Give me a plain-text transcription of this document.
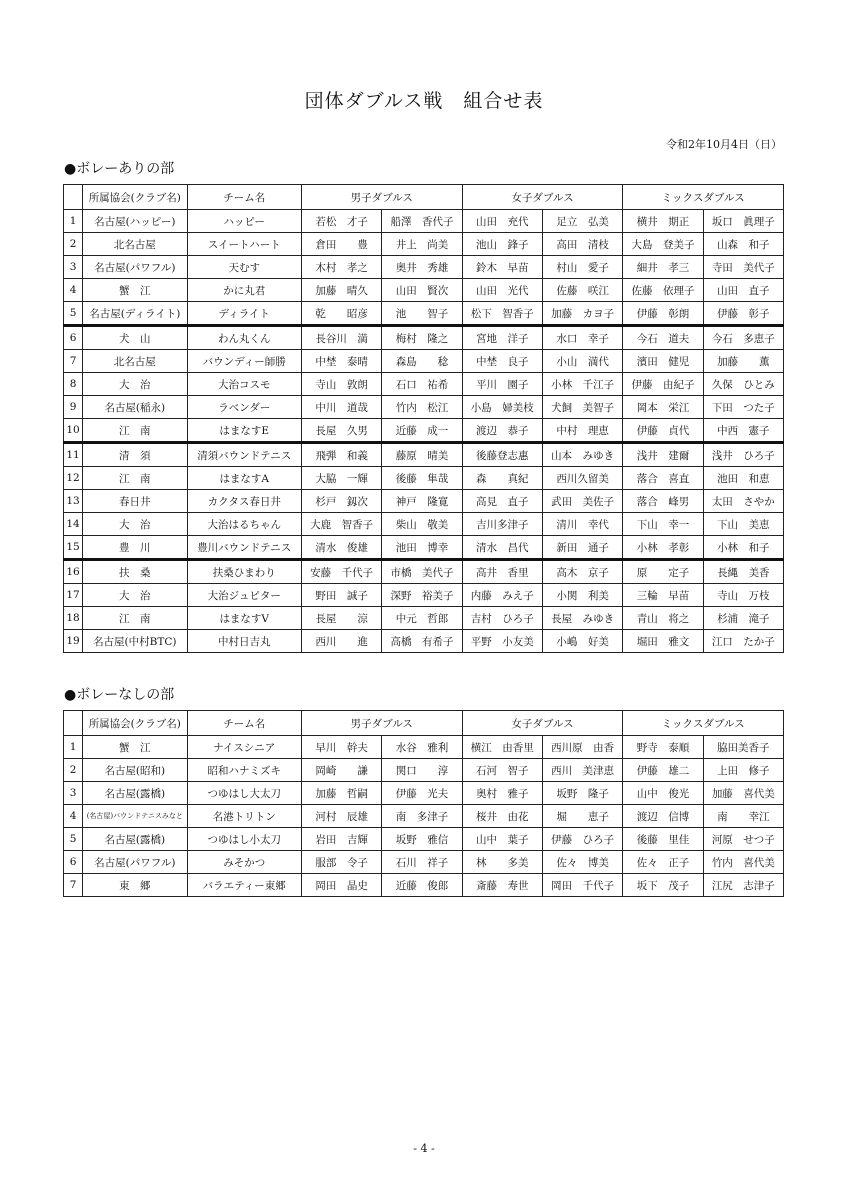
団体ダブルス戦　組合せ表
令和2年10月4日（日）
●ボレーありの部
	所属協会(クラブ名)	チーム名	男子ダブルス		女子ダブルス		ミックスダブルス	
1	名古屋(ハッピー)	ハッピー	若松　才子	船澤　香代子	山田　充代	足立　弘美	横井　期正	坂口　眞理子
2	北名古屋	スイートハート	倉田　　豊	井上　尚美	池山　鋒子	高田　清枝	大島　登美子	山森　和子
3	名古屋(パワフル)	天むす	木村　孝之	奥井　秀雄	鈴木　早苗	村山　愛子	細井　孝三	寺田　美代子
4	蟹　江	かに丸君	加藤　晴久	山田　賢次	山田　光代	佐藤　咲江	佐藤　依理子	山田　直子
5	名古屋(ディライト)	ディライト	乾　　昭彦	池　　智子	松下　智香子	加藤　カヨ子	伊藤　彰朗	伊藤　彰子
6	犬　山	わん丸くん	長谷川　満	梅村　隆之	宮地　洋子	水口　幸子	今石　道夫	今石　多恵子
7	北名古屋	バウンディー師勝	中埜　泰晴	森島　　稔	中埜　良子	小山　満代	濱田　健児	加藤　　薫
8	大　治	大治コスモ	寺山　敦朗	石口　祐希	平川　園子	小林　千江子	伊藤　由紀子	久保　ひとみ
9	名古屋(稲永)	ラベンダー	中川　道哉	竹内　松江	小島　婦美枝	犬飼　美智子	岡本　栄江	下田　つた子
10	江　南	はまなすE	長屋　久男	近藤　成一	渡辺　恭子	中村　理恵	伊藤　貞代	中西　憲子
11	清　須	清須バウンドテニス	飛弾　和義	藤原　晴美	後藤登志惠	山本　みゆき	浅井　建爾	浅井　ひろ子
12	江　南	はまなすA	大脇　一輝	後藤　隼哉	森　　真紀	西川久留美	落合　喜直	池田　和恵
13	春日井	カクタス春日井	杉戸　釼次	神戸　隆寛	高見　直子	武田　美佐子	落合　峰男	太田　さやか
14	大　治	大治はるちゃん	大鹿　智香子	柴山　敬美	吉川多津子	清川　幸代	下山　幸一	下山　美恵
15	豊　川	豊川バウンドテニス	清水　俊雄	池田　博幸	清水　昌代	新田　通子	小林　孝彰	小林　和子
16	扶　桑	扶桑ひまわり	安藤　千代子	市橋　美代子	高井　香里	高木　京子	原　　定子	長縄　美香
17	大　治	大治ジュピター	野田　誠子	深野　裕美子	内藤　みえ子	小関　利美	三輪　早苗	寺山　万枝
18	江　南	はまなすV	長屋　　涼	中元　哲郎	吉村　ひろ子	長屋　みゆき	青山　将之	杉浦　滝子
19	名古屋(中村BTC)	中村日吉丸	西川　　進	高橋　有希子	平野　小友美	小嶋　好美	堀田　雅文	江口　たか子
●ボレーなしの部
	所属協会(クラブ名)	チーム名	男子ダブルス		女子ダブルス		ミックスダブルス	
1	蟹　江	ナイスシニア	早川　幹夫	水谷　雅利	横江　由香里	西川原　由香	野寺　泰順	脇田美香子
2	名古屋(昭和)	昭和ハナミズキ	岡崎　　謙	関口　　淳	石河　智子	西川　美津恵	伊藤　雄二	上田　修子
3	名古屋(露橋)	つゆはし大太刀	加藤　哲嗣	伊藤　光夫	奥村　雅子	坂野　隆子	山中　俊光	加藤　喜代美
4	(名古屋)バウンドテニスみなと	名港トリトン	河村　辰雄	南　多津子	桜井　由花	堀　　恵子	渡辺　信博	南　　幸江
5	名古屋(露橋)	つゆはし小太刀	岩田　吉輝	坂野　雅信	山中　葉子	伊藤　ひろ子	後藤　里佳	河原　せつ子
6	名古屋(パワフル)	みそかつ	服部　令子	石川　祥子	林　　多美	佐々　博美	佐々　正子	竹内　喜代美
7	東　郷	バラエティー東郷	岡田　晶史	近藤　俊郎	斎藤　寿世	岡田　千代子	坂下　茂子	江尻　志津子
- 4 -
